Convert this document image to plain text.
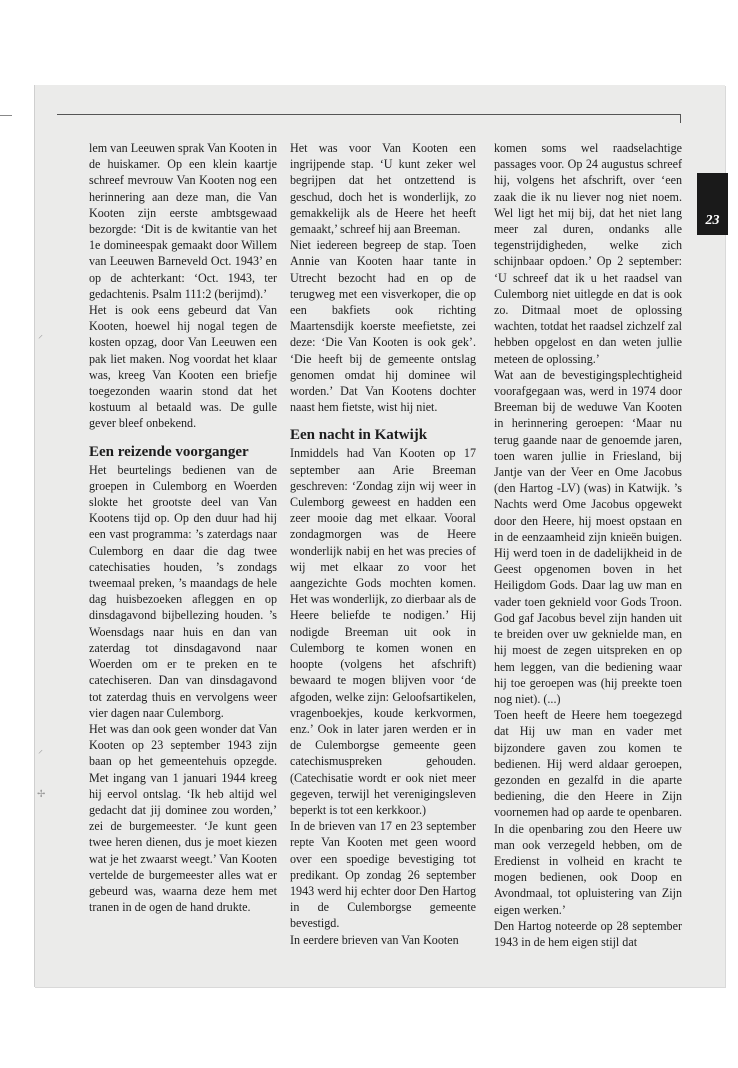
23
⸍
⸍
✢

lem van Leeuwen sprak Van Kooten in de huiskamer. Op een klein kaartje schreef mevrouw Van Kooten nog een herinnering aan deze man, die Van Kooten zijn eerste ambtsgewaad bezorgde: ‘Dit is de kwitantie van het 1e domineespak gemaakt door Willem van Leeuwen Barneveld Oct. 1943’ en op de achterkant: ‘Oct. 1943, ter gedachtenis. Psalm 111:2 (berijmd).’

Het is ook eens gebeurd dat Van Kooten, hoewel hij nogal tegen de kosten opzag, door Van Leeuwen een pak liet maken. Nog voordat het klaar was, kreeg Van Kooten een briefje toegezonden waarin stond dat het kostuum al betaald was. De gulle gever bleef onbekend.

Een reizende voorganger

Het beurtelings bedienen van de groepen in Culemborg en Woerden slokte het grootste deel van Van Kootens tijd op. Op den duur had hij een vast programma: ’s zaterdags naar Culemborg en daar die dag twee catechisaties houden, ’s zondags tweemaal preken, ’s maandags de hele dag huisbezoeken afleggen en op dinsdagavond bijbellezing houden. ’s Woensdags naar huis en dan van zaterdag tot dinsdagavond naar Woerden om er te preken en te catechiseren. Dan van dinsdagavond tot zaterdag thuis en vervolgens weer vier dagen naar Culemborg.

Het was dan ook geen wonder dat Van Kooten op 23 september 1943 zijn baan op het gemeentehuis opzegde. Met ingang van 1 januari 1944 kreeg hij eervol ontslag. ‘Ik heb altijd wel gedacht dat jij dominee zou worden,’ zei de burgemeester. ‘Je kunt geen twee heren dienen, dus je moet kiezen wat je het zwaarst weegt.’ Van Kooten vertelde de burgemeester alles wat er gebeurd was, waarna deze hem met tranen in de ogen de hand drukte.

Het was voor Van Kooten een ingrijpende stap. ‘U kunt zeker wel begrijpen dat het ontzettend is geschud, doch het is wonderlijk, zo gemakkelijk als de Heere het heeft gemaakt,’ schreef hij aan Breeman.

Niet iedereen begreep de stap. Toen Annie van Kooten haar tante in Utrecht bezocht had en op de terugweg met een visverkoper, die op een bakfiets ook richting Maartensdijk koerste meefietste, zei deze: ‘Die Van Kooten is ook gek’. ‘Die heeft bij de gemeente ontslag genomen omdat hij dominee wil worden.’ Dat Van Kootens dochter naast hem fietste, wist hij niet.

Een nacht in Katwijk

Inmiddels had Van Kooten op 17 september aan Arie Breeman geschreven: ‘Zondag zijn wij weer in Culemborg geweest en hadden een zeer mooie dag met elkaar. Vooral zondagmorgen was de Heere wonderlijk nabij en het was precies of wij met elkaar zo voor het aangezichte Gods mochten komen. Het was wonderlijk, zo dierbaar als de Heere beliefde te nodigen.’ Hij nodigde Breeman uit ook in Culemborg te komen wonen en hoopte (volgens het afschrift) bewaard te mogen blijven voor ‘de afgoden, welke zijn: Geloofsartikelen, vragenboekjes, koude kerkvormen, enz.’ Ook in later jaren werden er in de Culemborgse gemeente geen catechismuspreken gehouden. (Catechisatie wordt er ook niet meer gegeven, terwijl het verenigingsleven beperkt is tot een kerkkoor.)

In de brieven van 17 en 23 september repte Van Kooten met geen woord over een spoedige bevestiging tot predikant. Op zondag 26 september 1943 werd hij echter door Den Hartog in de Culemborgse gemeente bevestigd.

In eerdere brieven van Van Kooten

komen soms wel raadselachtige passages voor. Op 24 augustus schreef hij, volgens het afschrift, over ‘een zaak die ik nu liever nog niet noem. Wel ligt het mij bij, dat het niet lang meer zal duren, ondanks alle tegenstrijdigheden, welke zich schijnbaar opdoen.’ Op 2 september: ‘U schreef dat ik u het raadsel van Culemborg niet uitlegde en dat is ook zo. Ditmaal moet de oplossing wachten, totdat het raadsel zichzelf zal hebben opgelost en dan weten jullie meteen de oplossing.’

Wat aan de bevestigingsplechtigheid voorafgegaan was, werd in 1974 door Breeman bij de weduwe Van Kooten in herinnering geroepen: ‘Maar nu terug gaande naar de genoemde jaren, toen waren jullie in Friesland, bij Jantje van der Veer en Ome Jacobus (den Hartog -LV) (was) in Katwijk. ’s Nachts werd Ome Jacobus opgewekt door den Heere, hij moest opstaan en in de eenzaamheid zijn knieën buigen. Hij werd toen in de dadelijkheid in de Geest opgenomen boven in het Heiligdom Gods. Daar lag uw man en vader toen geknield voor Gods Troon. God gaf Jacobus bevel zijn handen uit te breiden over uw geknielde man, en hij moest de zegen uitspreken en op hem leggen, van die bediening waar hij toe geroepen was (hij preekte toen nog niet). (...)

Toen heeft de Heere hem toegezegd dat Hij uw man en vader met bijzondere gaven zou komen te bedienen. Hij werd aldaar geroepen, gezonden en gezalfd in die aparte bediening, die den Heere in Zijn voornemen had op aarde te openbaren. In die openbaring zou den Heere uw man ook verzegeld hebben, om de Eredienst in volheid en kracht te mogen bedienen, ook Doop en Avondmaal, tot opluistering van Zijn eigen werken.’

Den Hartog noteerde op 28 september 1943 in de hem eigen stijl dat
